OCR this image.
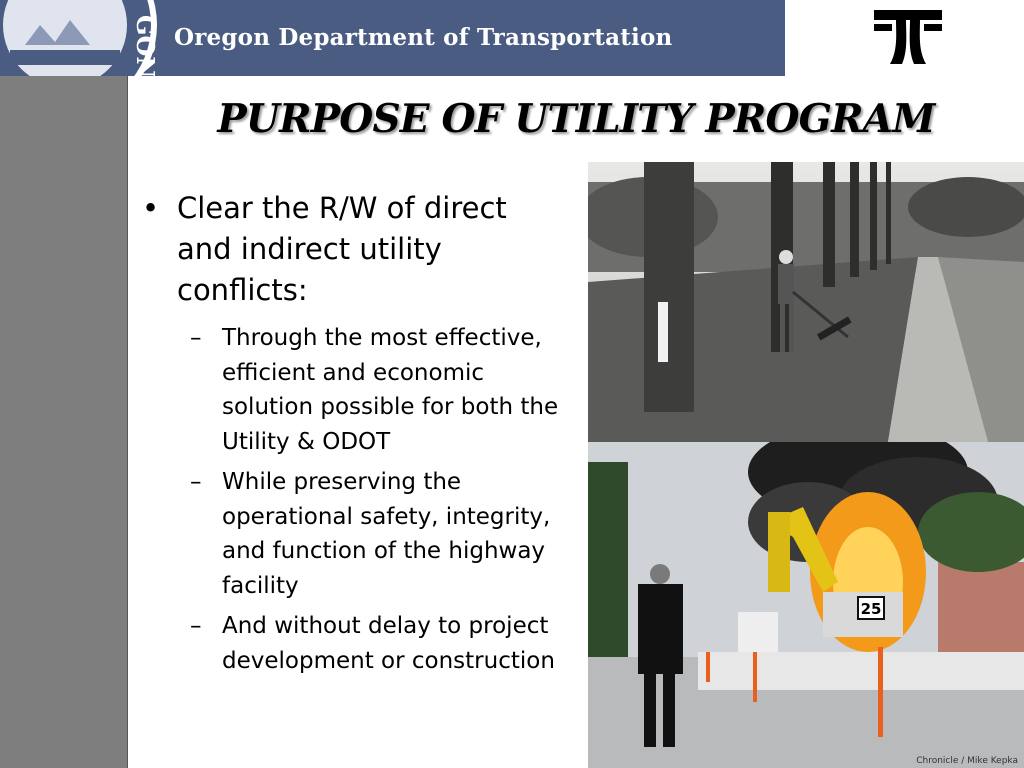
GON Oregon Department of Transportation
PURPOSE OF UTILITY PROGRAM
• Clear the R/W of direct and indirect utility conflicts:
– Through the most effective, efficient and economic solution possible for both the Utility & ODOT
– While preserving the operational safety, integrity, and function of the highway facility
– And without delay to project development or construction
25
Chronicle / Mike Kepka
